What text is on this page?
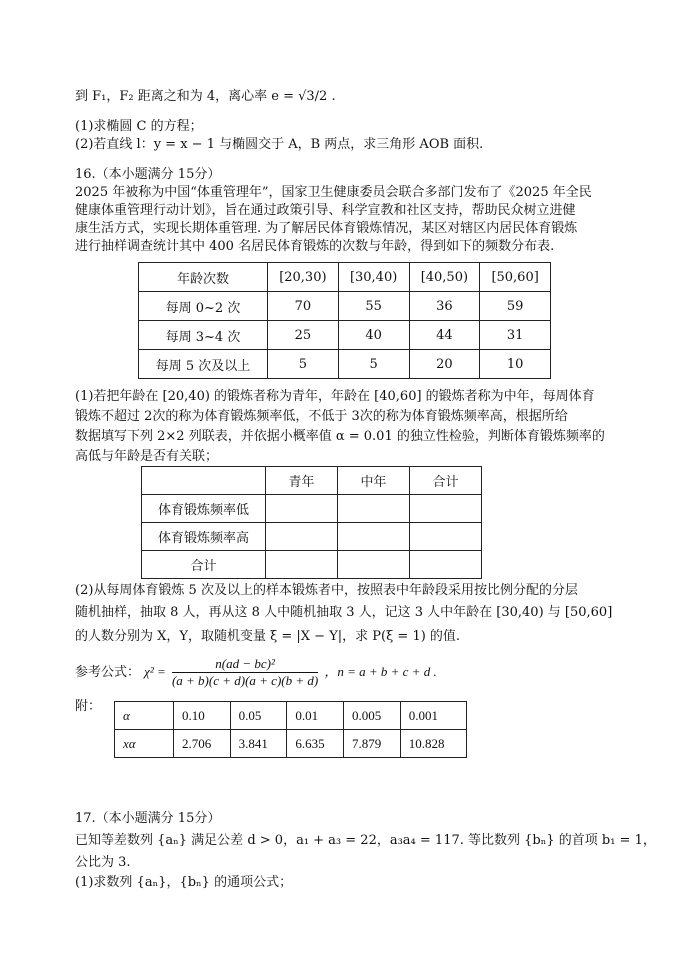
到 F₁，F₂ 距离之和为 4，离心率 e = √3/2 .
(1)求椭圆 C 的方程；
(2)若直线 l：y = x − 1 与椭圆交于 A，B 两点，求三角形 AOB 面积.
16.（本小题满分 15分）
2025 年被称为中国“体重管理年”，国家卫生健康委员会联合多部门发布了《2025 年全民
健康体重管理行动计划》，旨在通过政策引导、科学宣教和社区支持，帮助民众树立进健
康生活方式，实现长期体重管理. 为了解居民体育锻炼情况，某区对辖区内居民体育锻炼
进行抽样调查统计其中 400 名居民体育锻炼的次数与年龄，得到如下的频数分布表.
年龄次数	[20,30)	[30,40)	[40,50)	[50,60]
每周 0~2 次	70	55	36	59
每周 3~4 次	25	40	44	31
每周 5 次及以上	5	5	20	10
(1)若把年龄在 [20,40) 的锻炼者称为青年，年龄在 [40,60] 的锻炼者称为中年，每周体育
锻炼不超过 2次的称为体育锻炼频率低，不低于 3次的称为体育锻炼频率高，根据所给
数据填写下列 2×2 列联表，并依据小概率值 α = 0.01 的独立性检验，判断体育锻炼频率的
高低与年龄是否有关联；
	青年	中年	合计
体育锻炼频率低			
体育锻炼频率高			
合计			
(2)从每周体育锻炼 5 次及以上的样本锻炼者中，按照表中年龄段采用按比例分配的分层
随机抽样，抽取 8 人，再从这 8 人中随机抽取 3 人，记这 3 人中年龄在 [30,40) 与 [50,60]
的人数分别为 X，Y，取随机变量 ξ = |X − Y|，求 P(ξ = 1) 的值.
参考公式： $\chi^2 = \frac{\text{n(ad − bc)²}}{(a + b)(c + d)(a + c)(b + d)}$ ，n = a + b + c + d .
附：
α	0.10	0.05	0.01	0.005	0.001
xα	2.706	3.841	6.635	7.879	10.828
17.（本小题满分 15分）
已知等差数列 {aₙ} 满足公差 d > 0，a₁ + a₃ = 22，a₃a₄ = 117. 等比数列 {bₙ} 的首项 b₁ = 1，
公比为 3.
(1)求数列 {aₙ}，{bₙ} 的通项公式；
